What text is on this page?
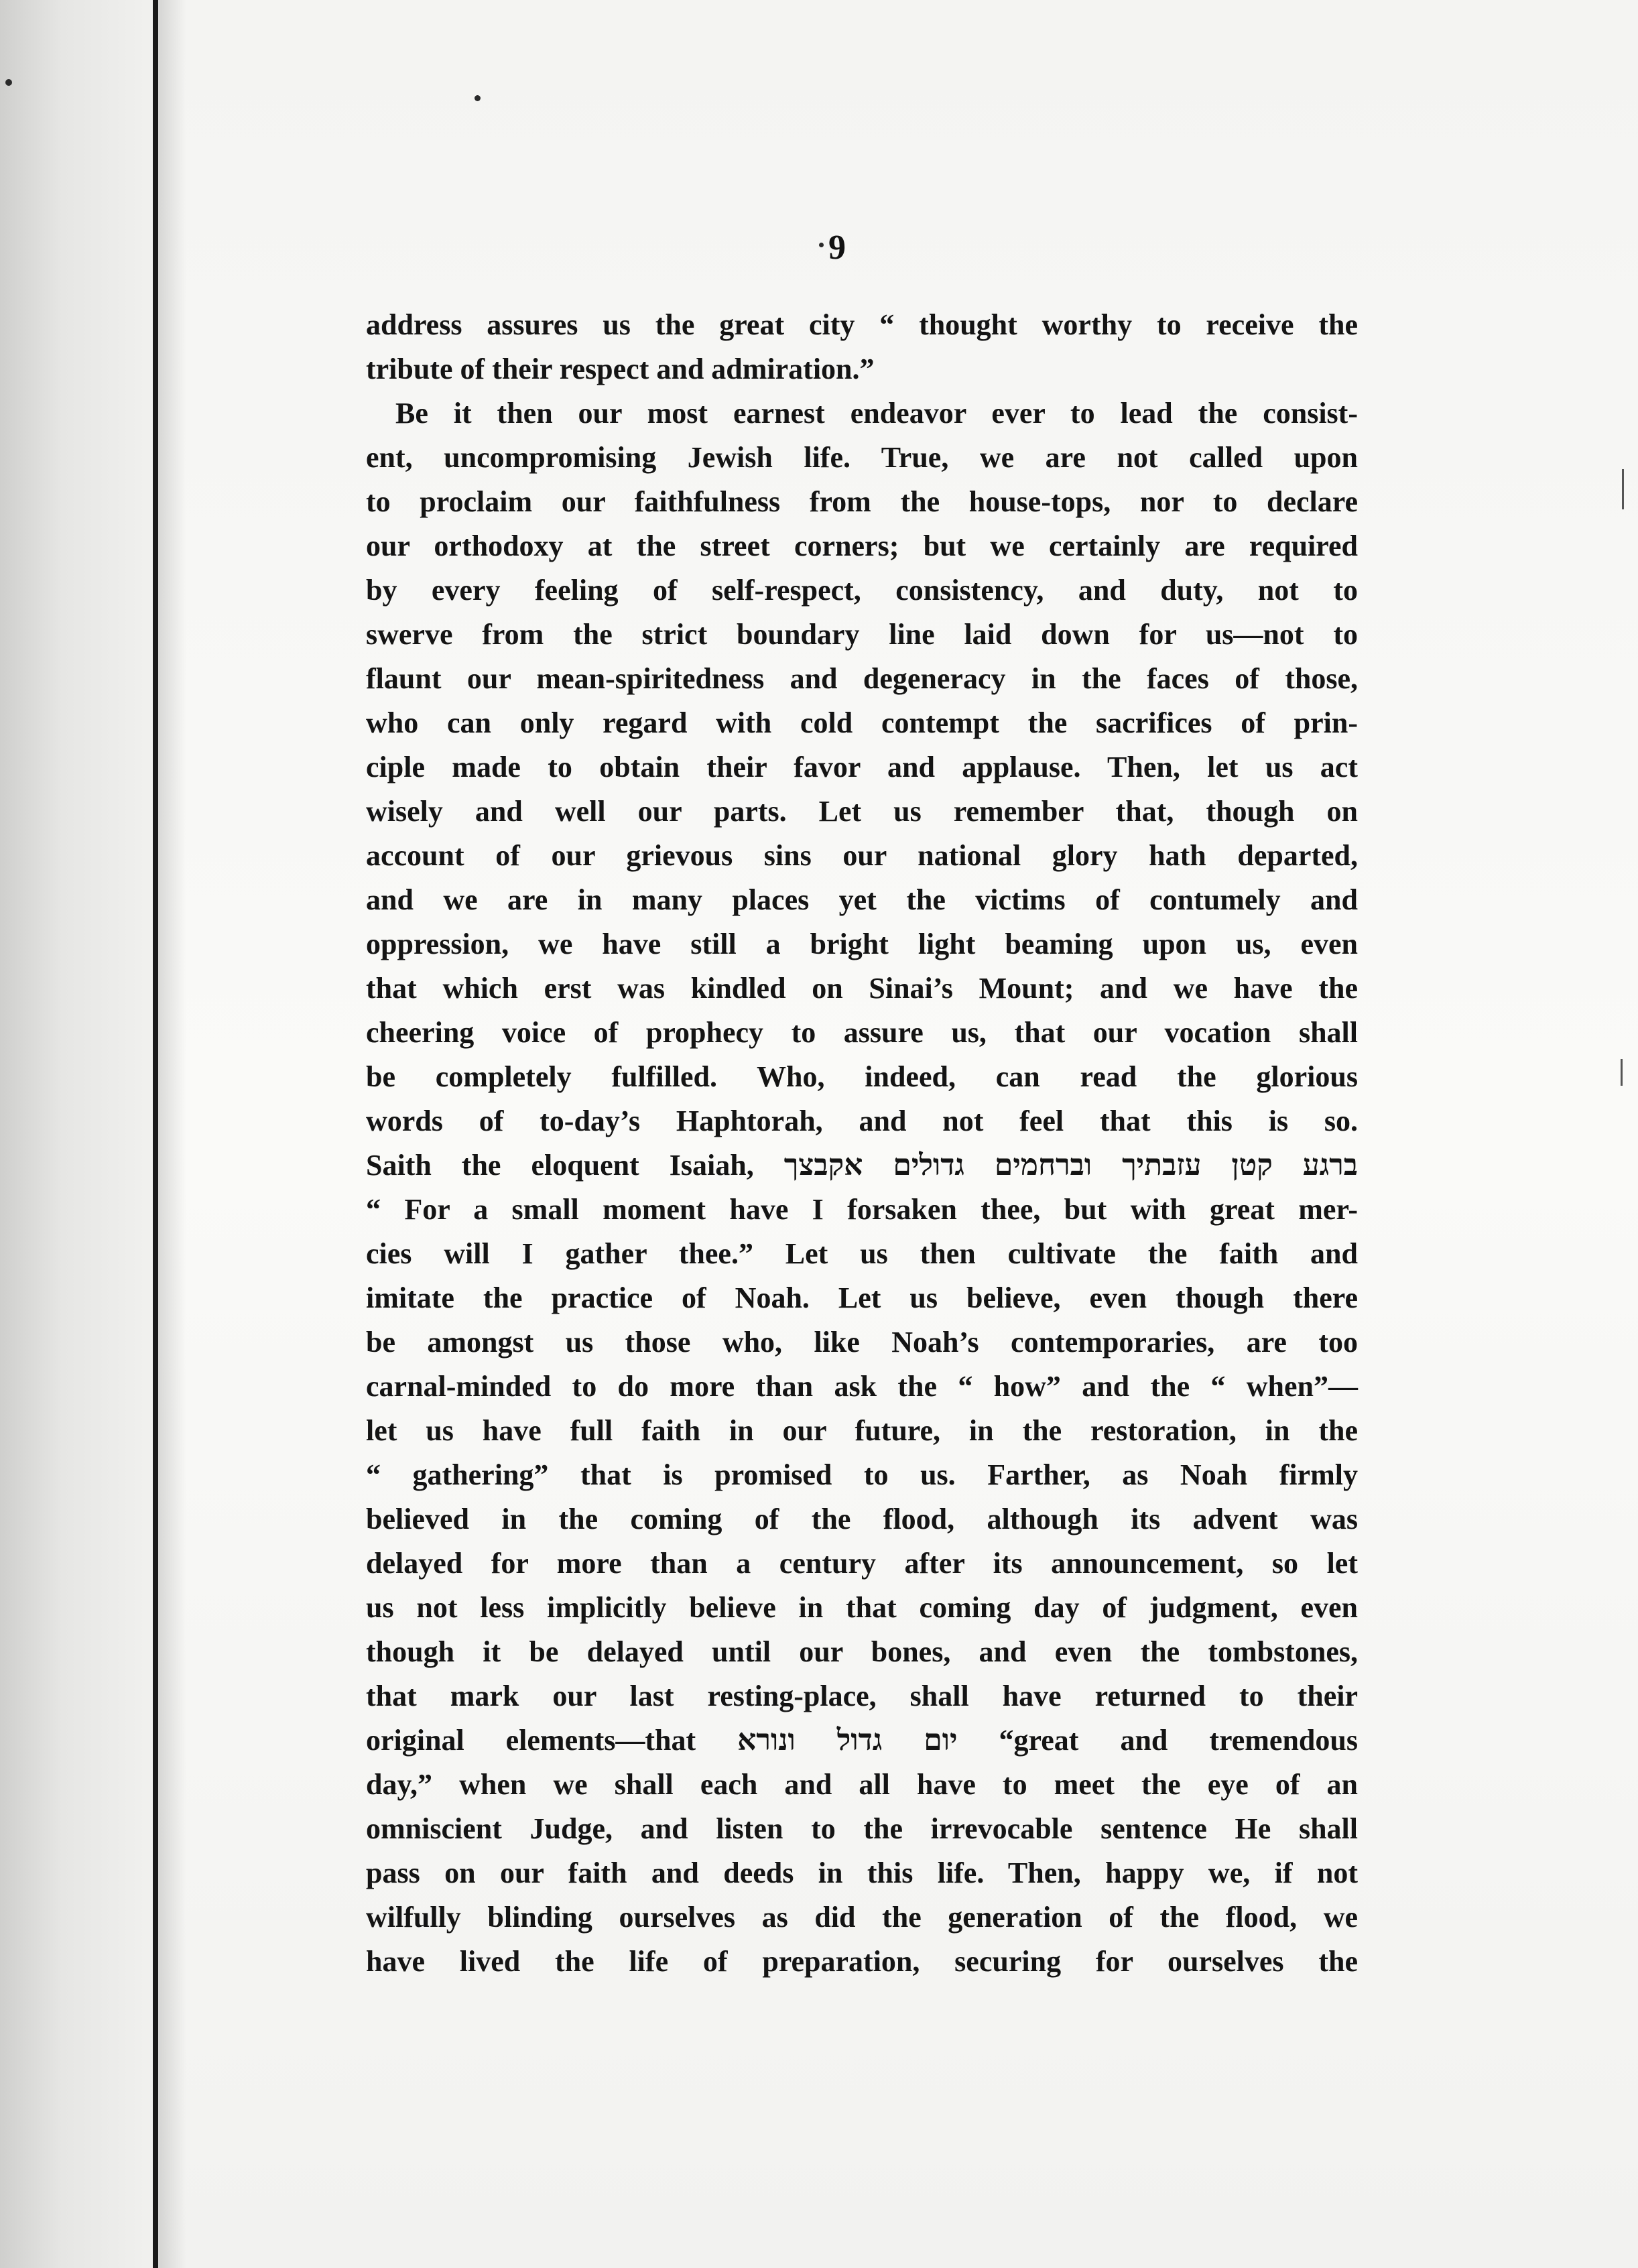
9
address assures us the great city “ thought worthy to receive the
tribute of their respect and admiration.”
Be it then our most earnest endeavor ever to lead the consist-
ent, uncompromising Jewish life. True, we are not called upon
to proclaim our faithfulness from the house-tops, nor to declare
our orthodoxy at the street corners; but we certainly are required
by every feeling of self-respect, consistency, and duty, not to
swerve from the strict boundary line laid down for us—not to
flaunt our mean-spiritedness and degeneracy in the faces of those,
who can only regard with cold contempt the sacrifices of prin-
ciple made to obtain their favor and applause. Then, let us act
wisely and well our parts. Let us remember that, though on
account of our grievous sins our national glory hath departed,
and we are in many places yet the victims of contumely and
oppression, we have still a bright light beaming upon us, even
that which erst was kindled on Sinai’s Mount; and we have the
cheering voice of prophecy to assure us, that our vocation shall
be completely fulfilled. Who, indeed, can read the glorious
words of to-day’s Haphtorah, and not feel that this is so.
Saith the eloquent Isaiah, ברגע קטן עזבתיך וברחמים גדולים אקבצך
“ For a small moment have I forsaken thee, but with great mer-
cies will I gather thee.” Let us then cultivate the faith and
imitate the practice of Noah. Let us believe, even though there
be amongst us those who, like Noah’s contemporaries, are too
carnal-minded to do more than ask the “ how” and the “ when”—
let us have full faith in our future, in the restoration, in the
“ gathering” that is promised to us. Farther, as Noah firmly
believed in the coming of the flood, although its advent was
delayed for more than a century after its announcement, so let
us not less implicitly believe in that coming day of judgment, even
though it be delayed until our bones, and even the tombstones,
that mark our last resting-place, shall have returned to their
original elements—that יום גדול ונורא “great and tremendous
day,” when we shall each and all have to meet the eye of an
omniscient Judge, and listen to the irrevocable sentence He shall
pass on our faith and deeds in this life. Then, happy we, if not
wilfully blinding ourselves as did the generation of the flood, we
have lived the life of preparation, securing for ourselves the
